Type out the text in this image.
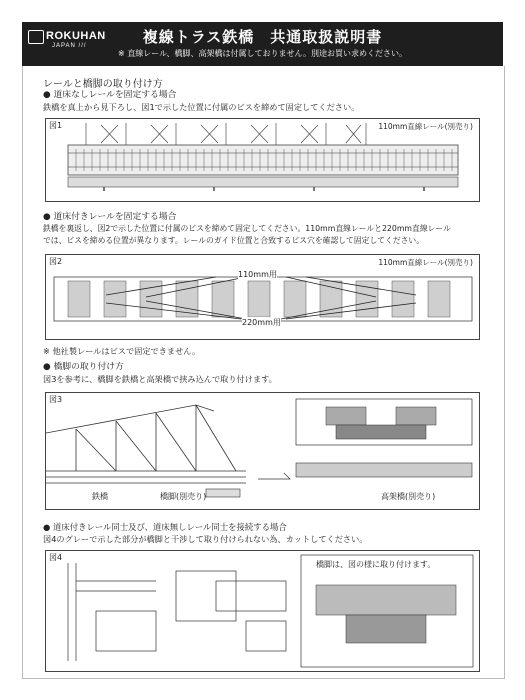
ROKUHAN
JAPAN ///	複線トラス鉄橋　共通取扱説明書
※ 直線レール、橋脚、高架橋は付属しておりません。別途お買い求めください。
レールと橋脚の取り付け方
● 道床なしレールを固定する場合
鉄橋を真上から見下ろし、図1で示した位置に付属のビスを締めて固定してください。
図1	110mm直線レール(別売り)
● 道床付きレールを固定する場合
鉄橋を裏返し、図2で示した位置に付属のビスを締めて固定してください。110mm直線レールと220mm直線レール
では、ビスを締める位置が異なります。レールのガイド位置と合致するビス穴を確認して固定してください。
図2	110mm直線レール(別売り)
110mm用
220mm用
※ 他社製レールはビスで固定できません。
● 橋脚の取り付け方
図3を参考に、橋脚を鉄橋と高架橋で挟み込んで取り付けます。
図3
鉄橋	橋脚(別売り)	高架橋(別売り)
● 道床付きレール同士及び、道床無しレール同士を接続する場合
図4のグレーで示した部分が橋脚と干渉して取り付けられない為、カットしてください。
図4
橋脚は、図の様に取り付けます。
